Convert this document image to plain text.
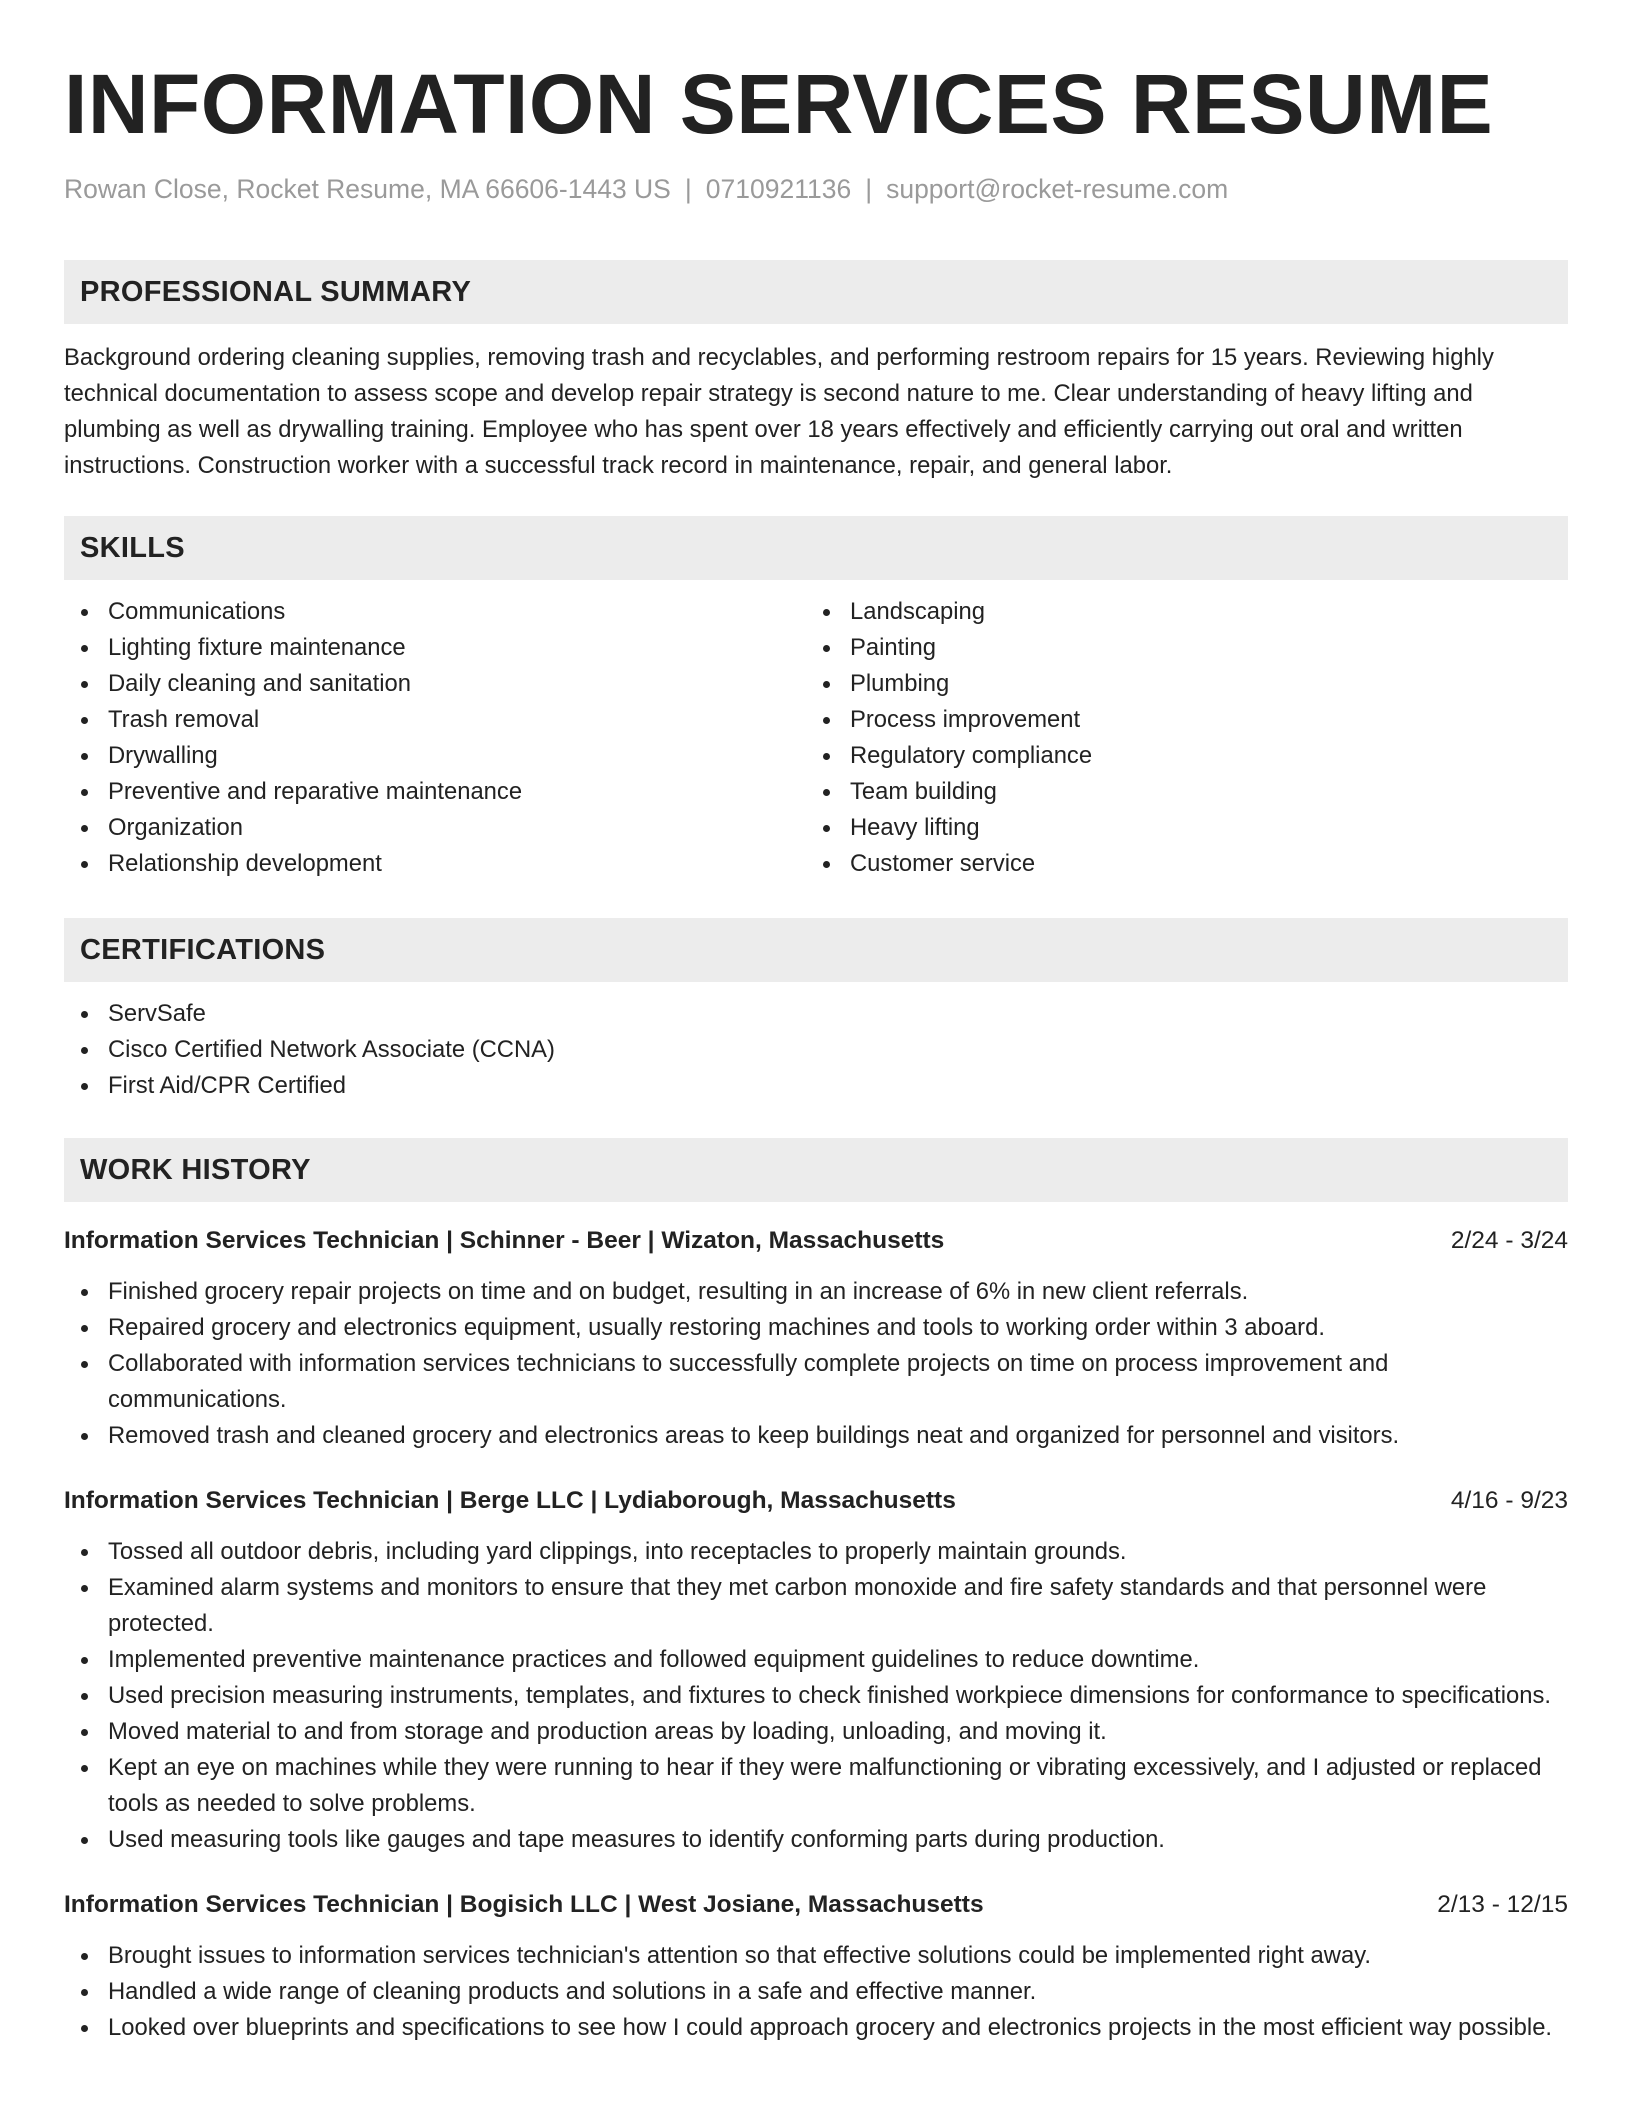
INFORMATION SERVICES RESUME
Rowan Close, Rocket Resume, MA 66606-1443 US | 0710921136 | support@rocket-resume.com
PROFESSIONAL SUMMARY

Background ordering cleaning supplies, removing trash and recyclables, and performing restroom repairs for 15 years. Reviewing highly technical documentation to assess scope and develop repair strategy is second nature to me. Clear understanding of heavy lifting and plumbing as well as drywalling training. Employee who has spent over 18 years effectively and efficiently carrying out oral and written instructions. Construction worker with a successful track record in maintenance, repair, and general labor.

SKILLS
Communications
Lighting fixture maintenance
Daily cleaning and sanitation
Trash removal
Drywalling
Preventive and reparative maintenance
Organization
Relationship development
Landscaping
Painting
Plumbing
Process improvement
Regulatory compliance
Team building
Heavy lifting
Customer service
CERTIFICATIONS
ServSafe
Cisco Certified Network Associate (CCNA)
First Aid/CPR Certified
WORK HISTORY
Information Services Technician | Schinner - Beer | Wizaton, Massachusetts	2/24 - 3/24
Finished grocery repair projects on time and on budget, resulting in an increase of 6% in new client referrals.
Repaired grocery and electronics equipment, usually restoring machines and tools to working order within 3 aboard.
Collaborated with information services technicians to successfully complete projects on time on process improvement and communications.
Removed trash and cleaned grocery and electronics areas to keep buildings neat and organized for personnel and visitors.
Information Services Technician | Berge LLC | Lydiaborough, Massachusetts	4/16 - 9/23
Tossed all outdoor debris, including yard clippings, into receptacles to properly maintain grounds.
Examined alarm systems and monitors to ensure that they met carbon monoxide and fire safety standards and that personnel were protected.
Implemented preventive maintenance practices and followed equipment guidelines to reduce downtime.
Used precision measuring instruments, templates, and fixtures to check finished workpiece dimensions for conformance to specifications.
Moved material to and from storage and production areas by loading, unloading, and moving it.
Kept an eye on machines while they were running to hear if they were malfunctioning or vibrating excessively, and I adjusted or replaced tools as needed to solve problems.
Used measuring tools like gauges and tape measures to identify conforming parts during production.
Information Services Technician | Bogisich LLC | West Josiane, Massachusetts	2/13 - 12/15
Brought issues to information services technician's attention so that effective solutions could be implemented right away.
Handled a wide range of cleaning products and solutions in a safe and effective manner.
Looked over blueprints and specifications to see how I could approach grocery and electronics projects in the most efficient way possible.
